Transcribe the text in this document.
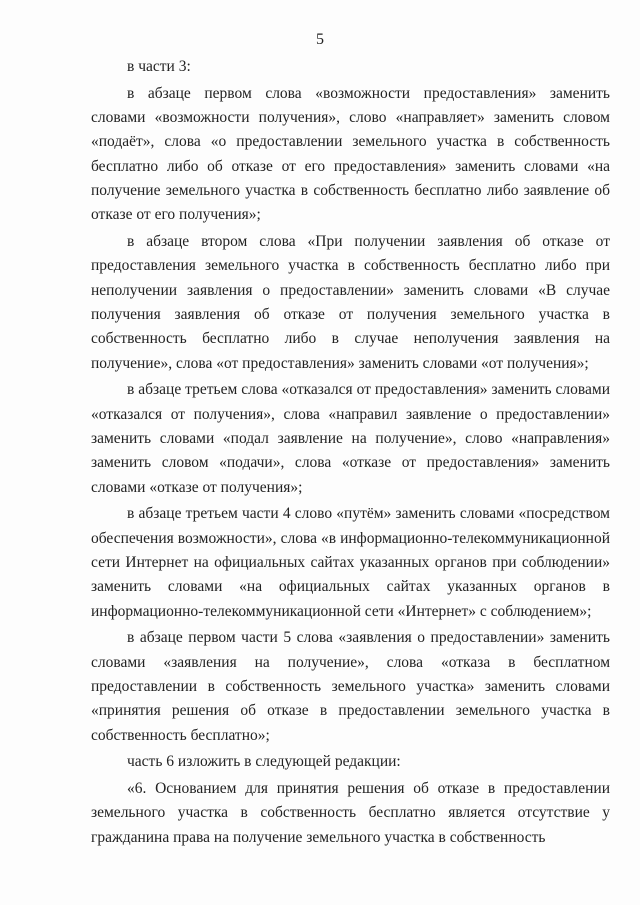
5

в части 3:

в абзаце первом слова «возможности предоставления» заменить словами «возможности получения», слово «направляет» заменить словом «подаёт», слова «о предоставлении земельного участка в собственность бесплатно либо об отказе от его предоставления» заменить словами «на получение земельного участка в собственность бесплатно либо заявление об отказе от его получения»;

в абзаце втором слова «При получении заявления об отказе от предоставления земельного участка в собственность бесплатно либо при неполучении заявления о предоставлении» заменить словами «В случае получения заявления об отказе от получения земельного участка в собственность бесплатно либо в случае неполучения заявления на получение», слова «от предоставления» заменить словами «от получения»;

в абзаце третьем слова «отказался от предоставления» заменить словами «отказался от получения», слова «направил заявление о предоставлении» заменить словами «подал заявление на получение», слово «направления» заменить словом «подачи», слова «отказе от предоставления» заменить словами «отказе от получения»;

в абзаце третьем части 4 слово «путём» заменить словами «посредством обеспечения возможности», слова «в информационно-телекоммуникационной сети Интернет на официальных сайтах указанных органов при соблюдении» заменить словами «на официальных сайтах указанных органов в информационно-телекоммуникационной сети «Интернет» с соблюдением»;

в абзаце первом части 5 слова «заявления о предоставлении» заменить словами «заявления на получение», слова «отказа в бесплатном предоставлении в собственность земельного участка» заменить словами «принятия решения об отказе в предоставлении земельного участка в собственность бесплатно»;

часть 6 изложить в следующей редакции:

«6. Основанием для принятия решения об отказе в предоставлении земельного участка в собственность бесплатно является отсутствие у гражданина права на получение земельного участка в собственность
